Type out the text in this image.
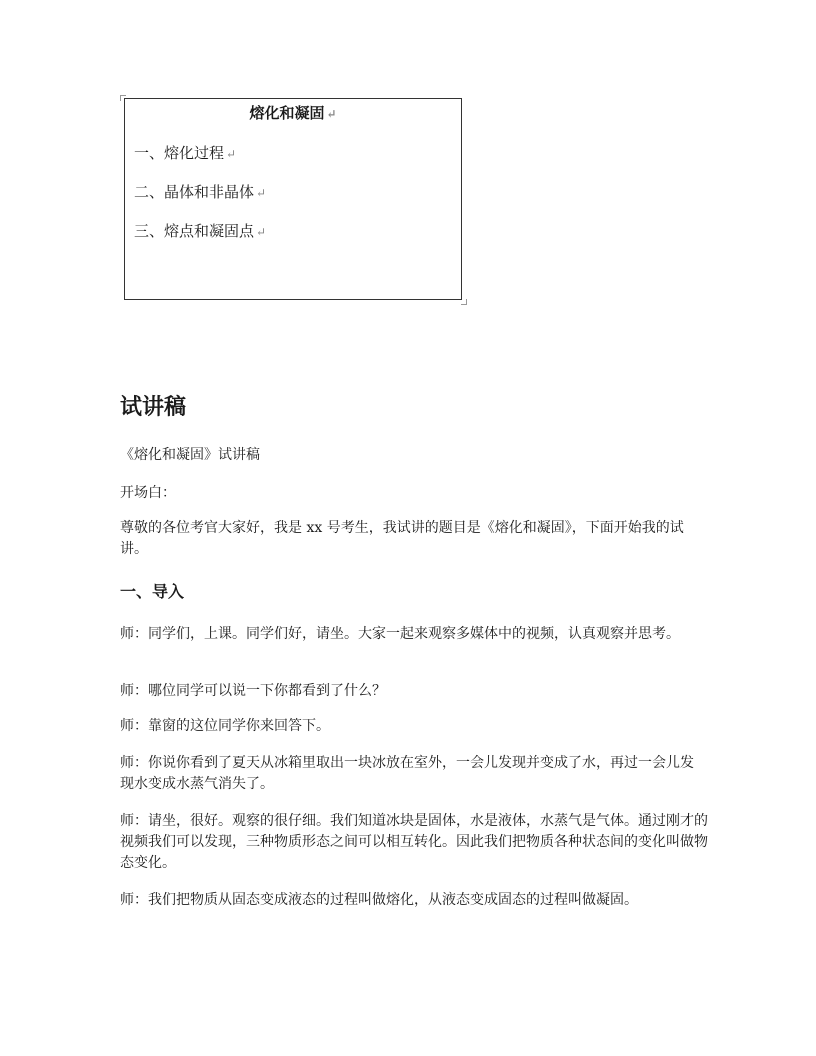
熔化和凝固 ↵
一、熔化过程 ↵
二、晶体和非晶体 ↵
三、熔点和凝固点 ↵
试讲稿
《熔化和凝固》试讲稿
开场白：
尊敬的各位考官大家好，我是 xx 号考生，我试讲的题目是《熔化和凝固》，下面开始我的试讲。
一、导入
师：同学们，上课。同学们好，请坐。大家一起来观察多媒体中的视频，认真观察并思考。
师：哪位同学可以说一下你都看到了什么？
师：靠窗的这位同学你来回答下。
师：你说你看到了夏天从冰箱里取出一块冰放在室外，一会儿发现并变成了水，再过一会儿发现水变成水蒸气消失了。
师：请坐，很好。观察的很仔细。我们知道冰块是固体，水是液体，水蒸气是气体。通过刚才的视频我们可以发现，三种物质形态之间可以相互转化。因此我们把物质各种状态间的变化叫做物态变化。
师：我们把物质从固态变成液态的过程叫做熔化，从液态变成固态的过程叫做凝固。
